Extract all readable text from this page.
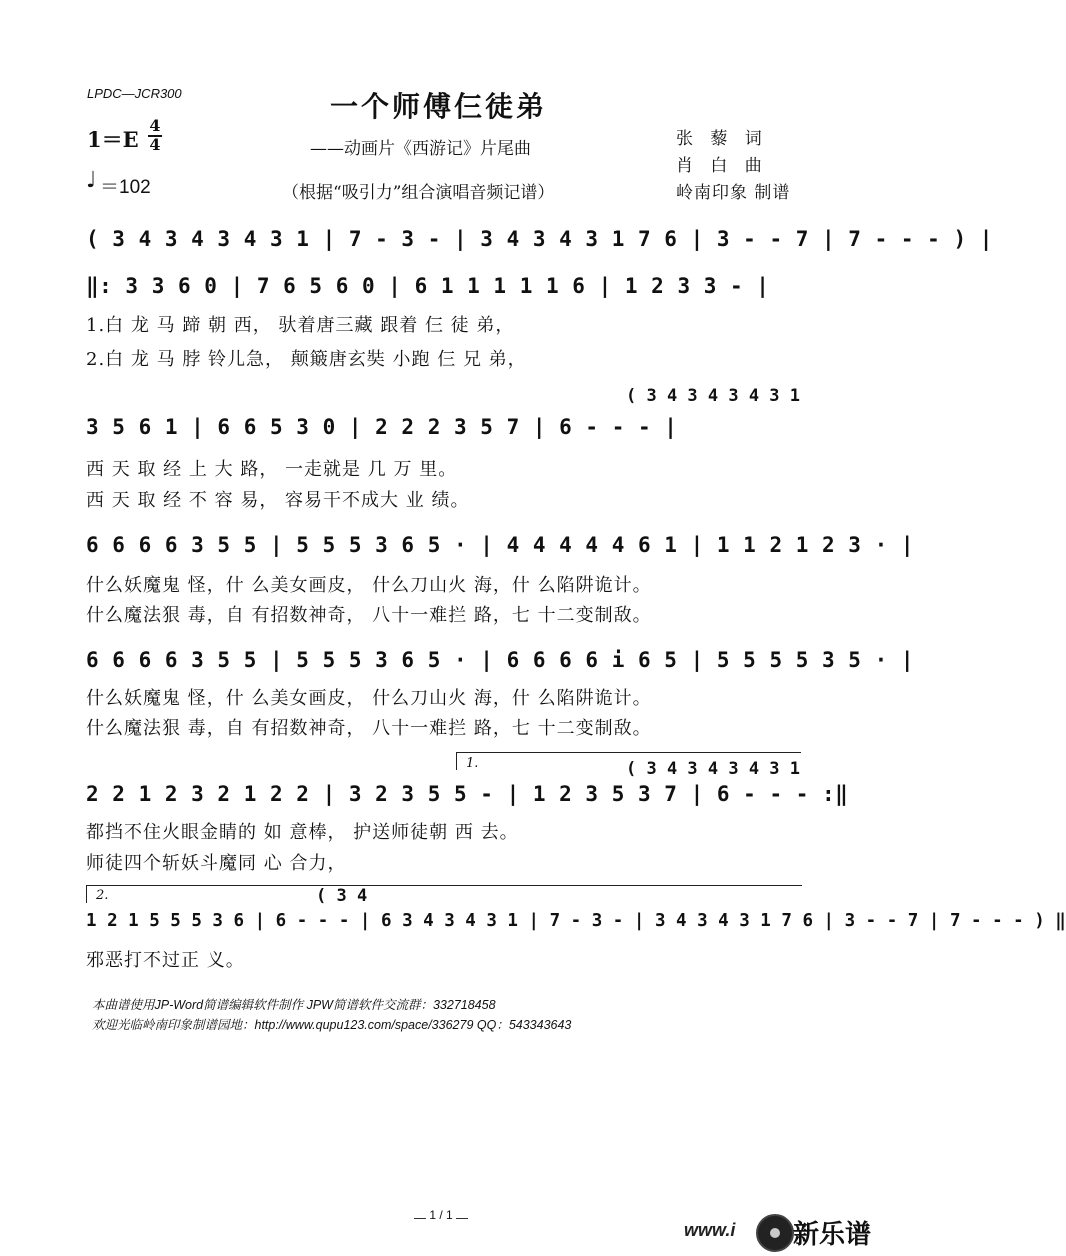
LPDC—JCR300	一个师傅仨徒弟
——动画片《西游记》片尾曲
（根据“吸引力”组合演唱音频记谱）
1＝E
4
4
♩ ＝102
张 藜 词
肖 白 曲
岭南印象 制谱
( 3 4 3 4 3 4 3 1 | 7 - 3 - | 3 4 3 4 3 1 7 6 | 3 - - 7 | 7 - - - ) |
‖: 3 3 6 0 | 7 6 5 6 0 | 6 1 1 1 1 1 6 | 1 2 3 3 - |
1.白 龙 马 蹄 朝 西， 驮着唐三藏 跟着 仨 徒 弟，
2.白 龙 马 脖 铃儿急， 颠簸唐玄奘 小跑 仨 兄 弟，
( 3 4 3 4 3 4 3 1
3 5 6 1 | 6 6 5 3 0 | 2 2 2 3 5 7 | 6 - - - |
西 天 取 经 上 大 路， 一走就是 几 万 里。
西 天 取 经 不 容 易， 容易干不成大 业 绩。
6 6 6 6 3 5 5 | 5 5 5 3 6 5 · | 4 4 4 4 4 6 1 | 1 1 2 1 2 3 · |
什么妖魔鬼 怪，什 么美女画皮， 什么刀山火 海，什 么陷阱诡计。
什么魔法狠 毒，自 有招数神奇， 八十一难拦 路，七 十二变制敌。
6 6 6 6 3 5 5 | 5 5 5 3 6 5 · | 6 6 6 6 i 6 5 | 5 5 5 5 3 5 · |
什么妖魔鬼 怪，什 么美女画皮， 什么刀山火 海，什 么陷阱诡计。
什么魔法狠 毒，自 有招数神奇， 八十一难拦 路，七 十二变制敌。
1.	( 3 4 3 4 3 4 3 1
2 2 1 2 3 2 1 2 2 | 3 2 3 5 5 - | 1 2 3 5 3 7 | 6 - - - :‖
都挡不住火眼金睛的 如 意棒， 护送师徒朝 西 去。
师徒四个斩妖斗魔同 心 合力，
2.	( 3 4
1 2 1 5 5 5 3 6 | 6 - - - | 6 3 4 3 4 3 1 | 7 - 3 - | 3 4 3 4 3 1 7 6 | 3 - - 7 | 7 - - - ) ‖
邪恶打不过正 义。
本曲谱使用JP-Word简谱编辑软件制作 JPW简谱软件交流群：332718458
欢迎光临岭南印象制谱园地：http://www.qupu123.com/space/336279 QQ：543343643
1 / 1
www.i 新乐谱
